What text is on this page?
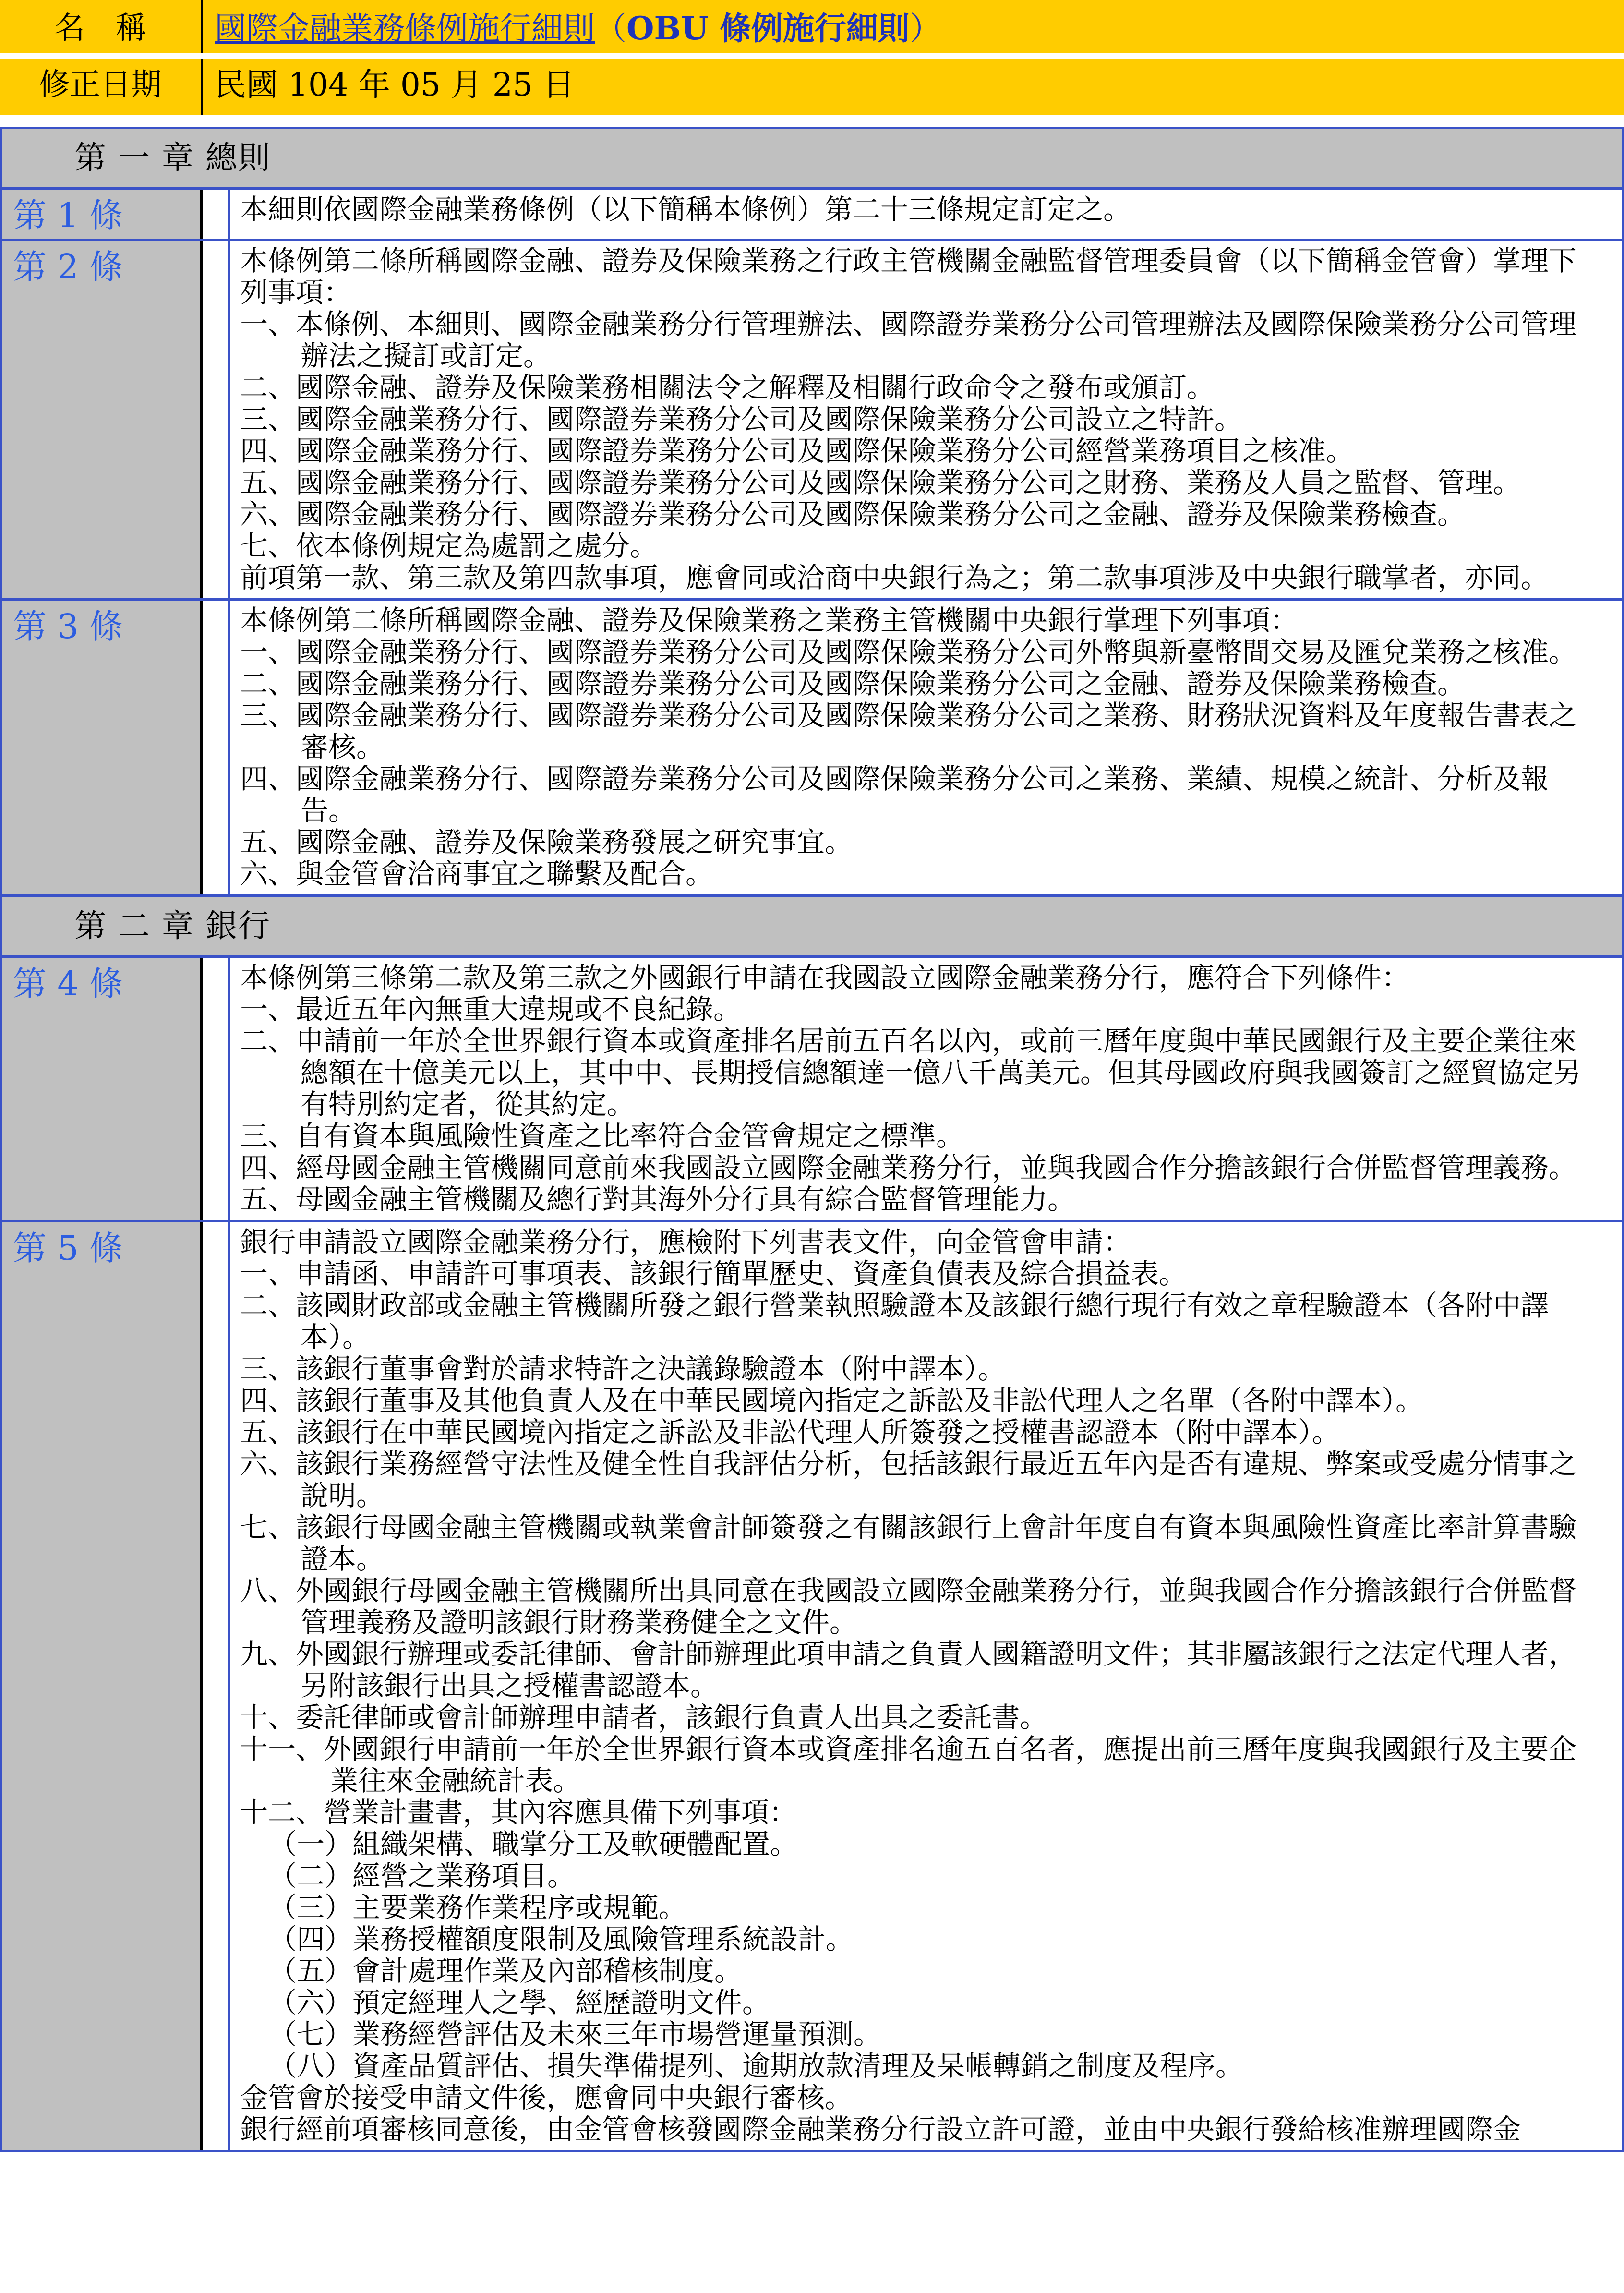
名　稱	國際金融業務條例施行細則（OBU 條例施行細則）
修正日期	民國 104 年 05 月 25 日
第 一 章 總則
第 1 條	本細則依國際金融業務條例（以下簡稱本條例）第二十三條規定訂定之。

第 2 條	本條例第二條所稱國際金融、證券及保險業務之行政主管機關金融監督管理委員會（以下簡稱金管會）掌理下列事項：

一、本條例、本細則、國際金融業務分行管理辦法、國際證券業務分公司管理辦法及國際保險業務分公司管理辦法之擬訂或訂定。

二、國際金融、證券及保險業務相關法令之解釋及相關行政命令之發布或頒訂。

三、國際金融業務分行、國際證券業務分公司及國際保險業務分公司設立之特許。

四、國際金融業務分行、國際證券業務分公司及國際保險業務分公司經營業務項目之核准。

五、國際金融業務分行、國際證券業務分公司及國際保險業務分公司之財務、業務及人員之監督、管理。

六、國際金融業務分行、國際證券業務分公司及國際保險業務分公司之金融、證券及保險業務檢查。

七、依本條例規定為處罰之處分。

前項第一款、第三款及第四款事項，應會同或洽商中央銀行為之；第二款事項涉及中央銀行職掌者，亦同。

第 3 條	本條例第二條所稱國際金融、證券及保險業務之業務主管機關中央銀行掌理下列事項：

一、國際金融業務分行、國際證券業務分公司及國際保險業務分公司外幣與新臺幣間交易及匯兌業務之核准。

二、國際金融業務分行、國際證券業務分公司及國際保險業務分公司之金融、證券及保險業務檢查。

三、國際金融業務分行、國際證券業務分公司及國際保險業務分公司之業務、財務狀況資料及年度報告書表之審核。

四、國際金融業務分行、國際證券業務分公司及國際保險業務分公司之業務、業績、規模之統計、分析及報告。

五、國際金融、證券及保險業務發展之研究事宜。

六、與金管會洽商事宜之聯繫及配合。

第 二 章 銀行
第 4 條	本條例第三條第二款及第三款之外國銀行申請在我國設立國際金融業務分行，應符合下列條件：

一、最近五年內無重大違規或不良紀錄。

二、申請前一年於全世界銀行資本或資產排名居前五百名以內，或前三曆年度與中華民國銀行及主要企業往來總額在十億美元以上，其中中、長期授信總額達一億八千萬美元。但其母國政府與我國簽訂之經貿協定另有特別約定者，從其約定。

三、自有資本與風險性資產之比率符合金管會規定之標準。

四、經母國金融主管機關同意前來我國設立國際金融業務分行，並與我國合作分擔該銀行合併監督管理義務。

五、母國金融主管機關及總行對其海外分行具有綜合監督管理能力。

第 5 條	銀行申請設立國際金融業務分行，應檢附下列書表文件，向金管會申請：

一、申請函、申請許可事項表、該銀行簡單歷史、資產負債表及綜合損益表。

二、該國財政部或金融主管機關所發之銀行營業執照驗證本及該銀行總行現行有效之章程驗證本（各附中譯本）。

三、該銀行董事會對於請求特許之決議錄驗證本（附中譯本）。

四、該銀行董事及其他負責人及在中華民國境內指定之訴訟及非訟代理人之名單（各附中譯本）。

五、該銀行在中華民國境內指定之訴訟及非訟代理人所簽發之授權書認證本（附中譯本）。

六、該銀行業務經營守法性及健全性自我評估分析，包括該銀行最近五年內是否有違規、弊案或受處分情事之說明。

七、該銀行母國金融主管機關或執業會計師簽發之有關該銀行上會計年度自有資本與風險性資產比率計算書驗證本。

八、外國銀行母國金融主管機關所出具同意在我國設立國際金融業務分行，並與我國合作分擔該銀行合併監督管理義務及證明該銀行財務業務健全之文件。

九、外國銀行辦理或委託律師、會計師辦理此項申請之負責人國籍證明文件；其非屬該銀行之法定代理人者，另附該銀行出具之授權書認證本。

十、委託律師或會計師辦理申請者，該銀行負責人出具之委託書。

十一、外國銀行申請前一年於全世界銀行資本或資產排名逾五百名者，應提出前三曆年度與我國銀行及主要企業往來金融統計表。

十二、營業計畫書，其內容應具備下列事項：

（一）組織架構、職掌分工及軟硬體配置。

（二）經營之業務項目。

（三）主要業務作業程序或規範。

（四）業務授權額度限制及風險管理系統設計。

（五）會計處理作業及內部稽核制度。

（六）預定經理人之學、經歷證明文件。

（七）業務經營評估及未來三年市場營運量預測。

（八）資產品質評估、損失準備提列、逾期放款清理及呆帳轉銷之制度及程序。

金管會於接受申請文件後，應會同中央銀行審核。

銀行經前項審核同意後，由金管會核發國際金融業務分行設立許可證，並由中央銀行發給核准辦理國際金
